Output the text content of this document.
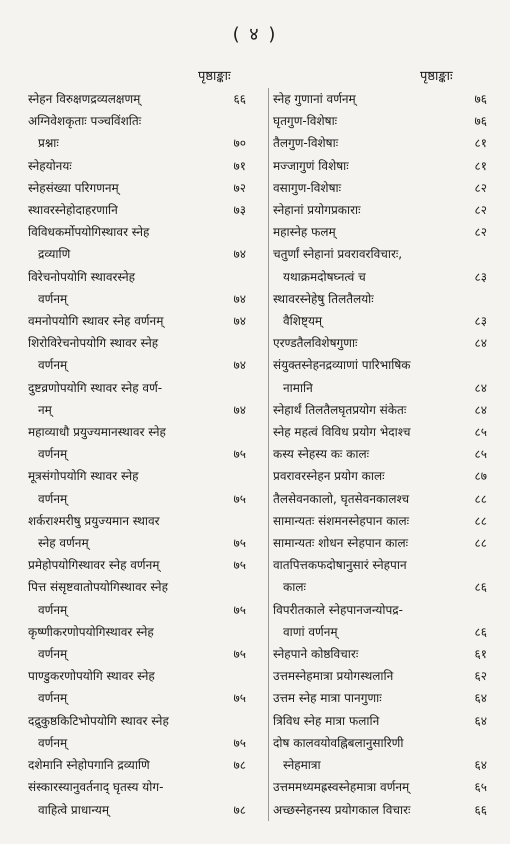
( ४ )
पृष्ठाङ्काः	पृष्ठाङ्काः
स्नेहन विरुक्षणद्रव्यलक्षणम्	६६
अग्निवेशकृताः पञ्चविंशतिः
प्रश्नाः	७०
स्नेहयोनयः	७१
स्नेहसंख्या परिगणनम्	७२
स्थावरस्नेहोदाहरणानि	७३
विविधकर्मोपयोगिस्थावर स्नेह
द्रव्याणि	७४
विरेचनोपयोगि स्थावरस्नेह
वर्णनम्	७४
वमनोपयोगि स्थावर स्नेह वर्णनम्	७४
शिरोविरेचनोपयोगि स्थावर स्नेह
वर्णनम्	७४
दुष्टव्रणोपयोगि स्थावर स्नेह वर्ण-
नम्	७४
महाव्याधौ प्रयुज्यमानस्थावर स्नेह
वर्णनम्	७५
मूत्रसंगोपयोगि स्थावर स्नेह
वर्णनम्	७५
शर्कराश्मरीषु प्रयुज्यमान स्थावर
स्नेह वर्णनम्	७५
प्रमेहोपयोगिस्थावर स्नेह वर्णनम्	७५
पित्त संसृष्टवातोपयोगिस्थावर स्नेह
वर्णनम्	७५
कृष्णीकरणोपयोगिस्थावर स्नेह
वर्णनम्	७५
पाण्डुकरणोपयोगि स्थावर स्नेह
वर्णनम्	७५
दद्रुकुष्ठकिटिभोपयोगि स्थावर स्नेह
वर्णनम्	७५
दशेमानि स्नेहोपगानि द्रव्याणि	७८
संस्कारस्यानुवर्तनाद् घृतस्य योग-
वाहित्वे प्राधान्यम्	७८
स्नेह गुणानां वर्णनम्	७६
घृतगुण-विशेषाः	७६
तैलगुण-विशेषाः	८१
मज्जागुणं विशेषाः	८१
वसागुण-विशेषाः	८२
स्नेहानां प्रयोगप्रकाराः	८२
महास्नेह फलम्	८२
चतुर्णां स्नेहानां प्रवरावरविचारः,
यथाक्रमदोषघ्नत्वं च	८३
स्थावरस्नेहेषु तिलतैलयोः
वैशिष्ट्यम्	८३
एरण्डतैलविशेषगुणाः	८४
संयुक्तस्नेहनद्रव्याणां पारिभाषिक
नामानि	८४
स्नेहार्थं तिलतैलघृतप्रयोग संकेतः	८४
स्नेह महत्वं विविध प्रयोग भेदाश्च	८५
कस्य स्नेहस्य कः कालः	८५
प्रवरावरस्नेहन प्रयोग कालः	८७
तैलसेवनकालो, घृतसेवनकालश्च	८८
सामान्यतः संशमनस्नेहपान कालः	८८
सामान्यतः शोधन स्नेहपान कालः	८८
वातपित्तकफदोषानुसारं स्नेहपान
कालः	८६
विपरीतकाले स्नेहपानजन्योपद्र-
वाणां वर्णनम्	८६
स्नेहपाने कोष्ठविचारः	६१
उत्तमस्नेहमात्रा प्रयोगस्थलानि	६२
उत्तम स्नेह मात्रा पानगुणाः	६४
त्रिविध स्नेह मात्रा फलानि	६४
दोष कालवयोवह्निबलानुसारिणी
स्नेहमात्रा	६४
उत्तममध्यमह्रस्वस्नेहमात्रा वर्णनम्	६५
अच्छस्नेहनस्य प्रयोगकाल विचारः	६६
